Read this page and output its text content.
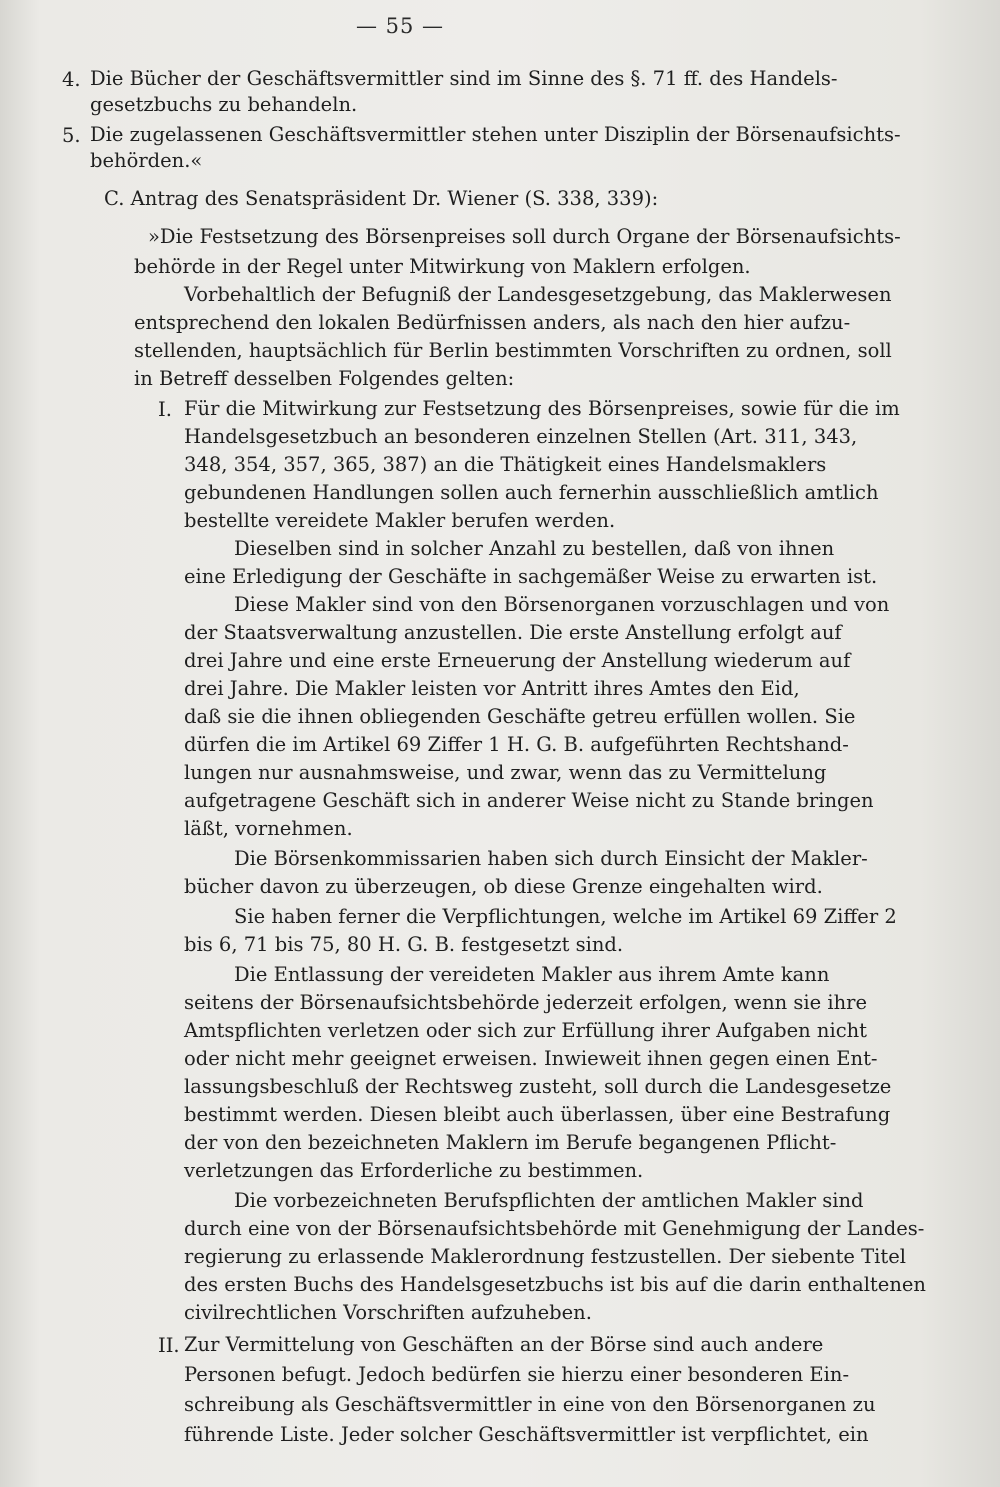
— 55 —
4. Die Bücher der Geschäftsvermittler sind im Sinne des §. 71 ff. des Handels-
gesetzbuchs zu behandeln.
5. Die zugelassenen Geschäftsvermittler stehen unter Disziplin der Börsenaufsichts-
behörden.«
C. Antrag des Senatspräsident Dr. Wiener (S. 338, 339):
»Die Festsetzung des Börsenpreises soll durch Organe der Börsenaufsichts-
behörde in der Regel unter Mitwirkung von Maklern erfolgen.
Vorbehaltlich der Befugniß der Landesgesetzgebung, das Maklerwesen
entsprechend den lokalen Bedürfnissen anders, als nach den hier aufzu-
stellenden, hauptsächlich für Berlin bestimmten Vorschriften zu ordnen, soll
in Betreff desselben Folgendes gelten:
I. Für die Mitwirkung zur Festsetzung des Börsenpreises, sowie für die im
Handelsgesetzbuch an besonderen einzelnen Stellen (Art. 311, 343,
348, 354, 357, 365, 387) an die Thätigkeit eines Handelsmaklers
gebundenen Handlungen sollen auch fernerhin ausschließlich amtlich
bestellte vereidete Makler berufen werden.
Dieselben sind in solcher Anzahl zu bestellen, daß von ihnen
eine Erledigung der Geschäfte in sachgemäßer Weise zu erwarten ist.
Diese Makler sind von den Börsenorganen vorzuschlagen und von
der Staatsverwaltung anzustellen. Die erste Anstellung erfolgt auf
drei Jahre und eine erste Erneuerung der Anstellung wiederum auf
drei Jahre. Die Makler leisten vor Antritt ihres Amtes den Eid,
daß sie die ihnen obliegenden Geschäfte getreu erfüllen wollen. Sie
dürfen die im Artikel 69 Ziffer 1 H. G. B. aufgeführten Rechtshand-
lungen nur ausnahmsweise, und zwar, wenn das zu Vermittelung
aufgetragene Geschäft sich in anderer Weise nicht zu Stande bringen
läßt, vornehmen.
Die Börsenkommissarien haben sich durch Einsicht der Makler-
bücher davon zu überzeugen, ob diese Grenze eingehalten wird.
Sie haben ferner die Verpflichtungen, welche im Artikel 69 Ziffer 2
bis 6, 71 bis 75, 80 H. G. B. festgesetzt sind.
Die Entlassung der vereideten Makler aus ihrem Amte kann
seitens der Börsenaufsichtsbehörde jederzeit erfolgen, wenn sie ihre
Amtspflichten verletzen oder sich zur Erfüllung ihrer Aufgaben nicht
oder nicht mehr geeignet erweisen. Inwieweit ihnen gegen einen Ent-
lassungsbeschluß der Rechtsweg zusteht, soll durch die Landesgesetze
bestimmt werden. Diesen bleibt auch überlassen, über eine Bestrafung
der von den bezeichneten Maklern im Berufe begangenen Pflicht-
verletzungen das Erforderliche zu bestimmen.
Die vorbezeichneten Berufspflichten der amtlichen Makler sind
durch eine von der Börsenaufsichtsbehörde mit Genehmigung der Landes-
regierung zu erlassende Maklerordnung festzustellen. Der siebente Titel
des ersten Buchs des Handelsgesetzbuchs ist bis auf die darin enthaltenen
civilrechtlichen Vorschriften aufzuheben.
II. Zur Vermittelung von Geschäften an der Börse sind auch andere
Personen befugt. Jedoch bedürfen sie hierzu einer besonderen Ein-
schreibung als Geschäftsvermittler in eine von den Börsenorganen zu
führende Liste. Jeder solcher Geschäftsvermittler ist verpflichtet, ein
